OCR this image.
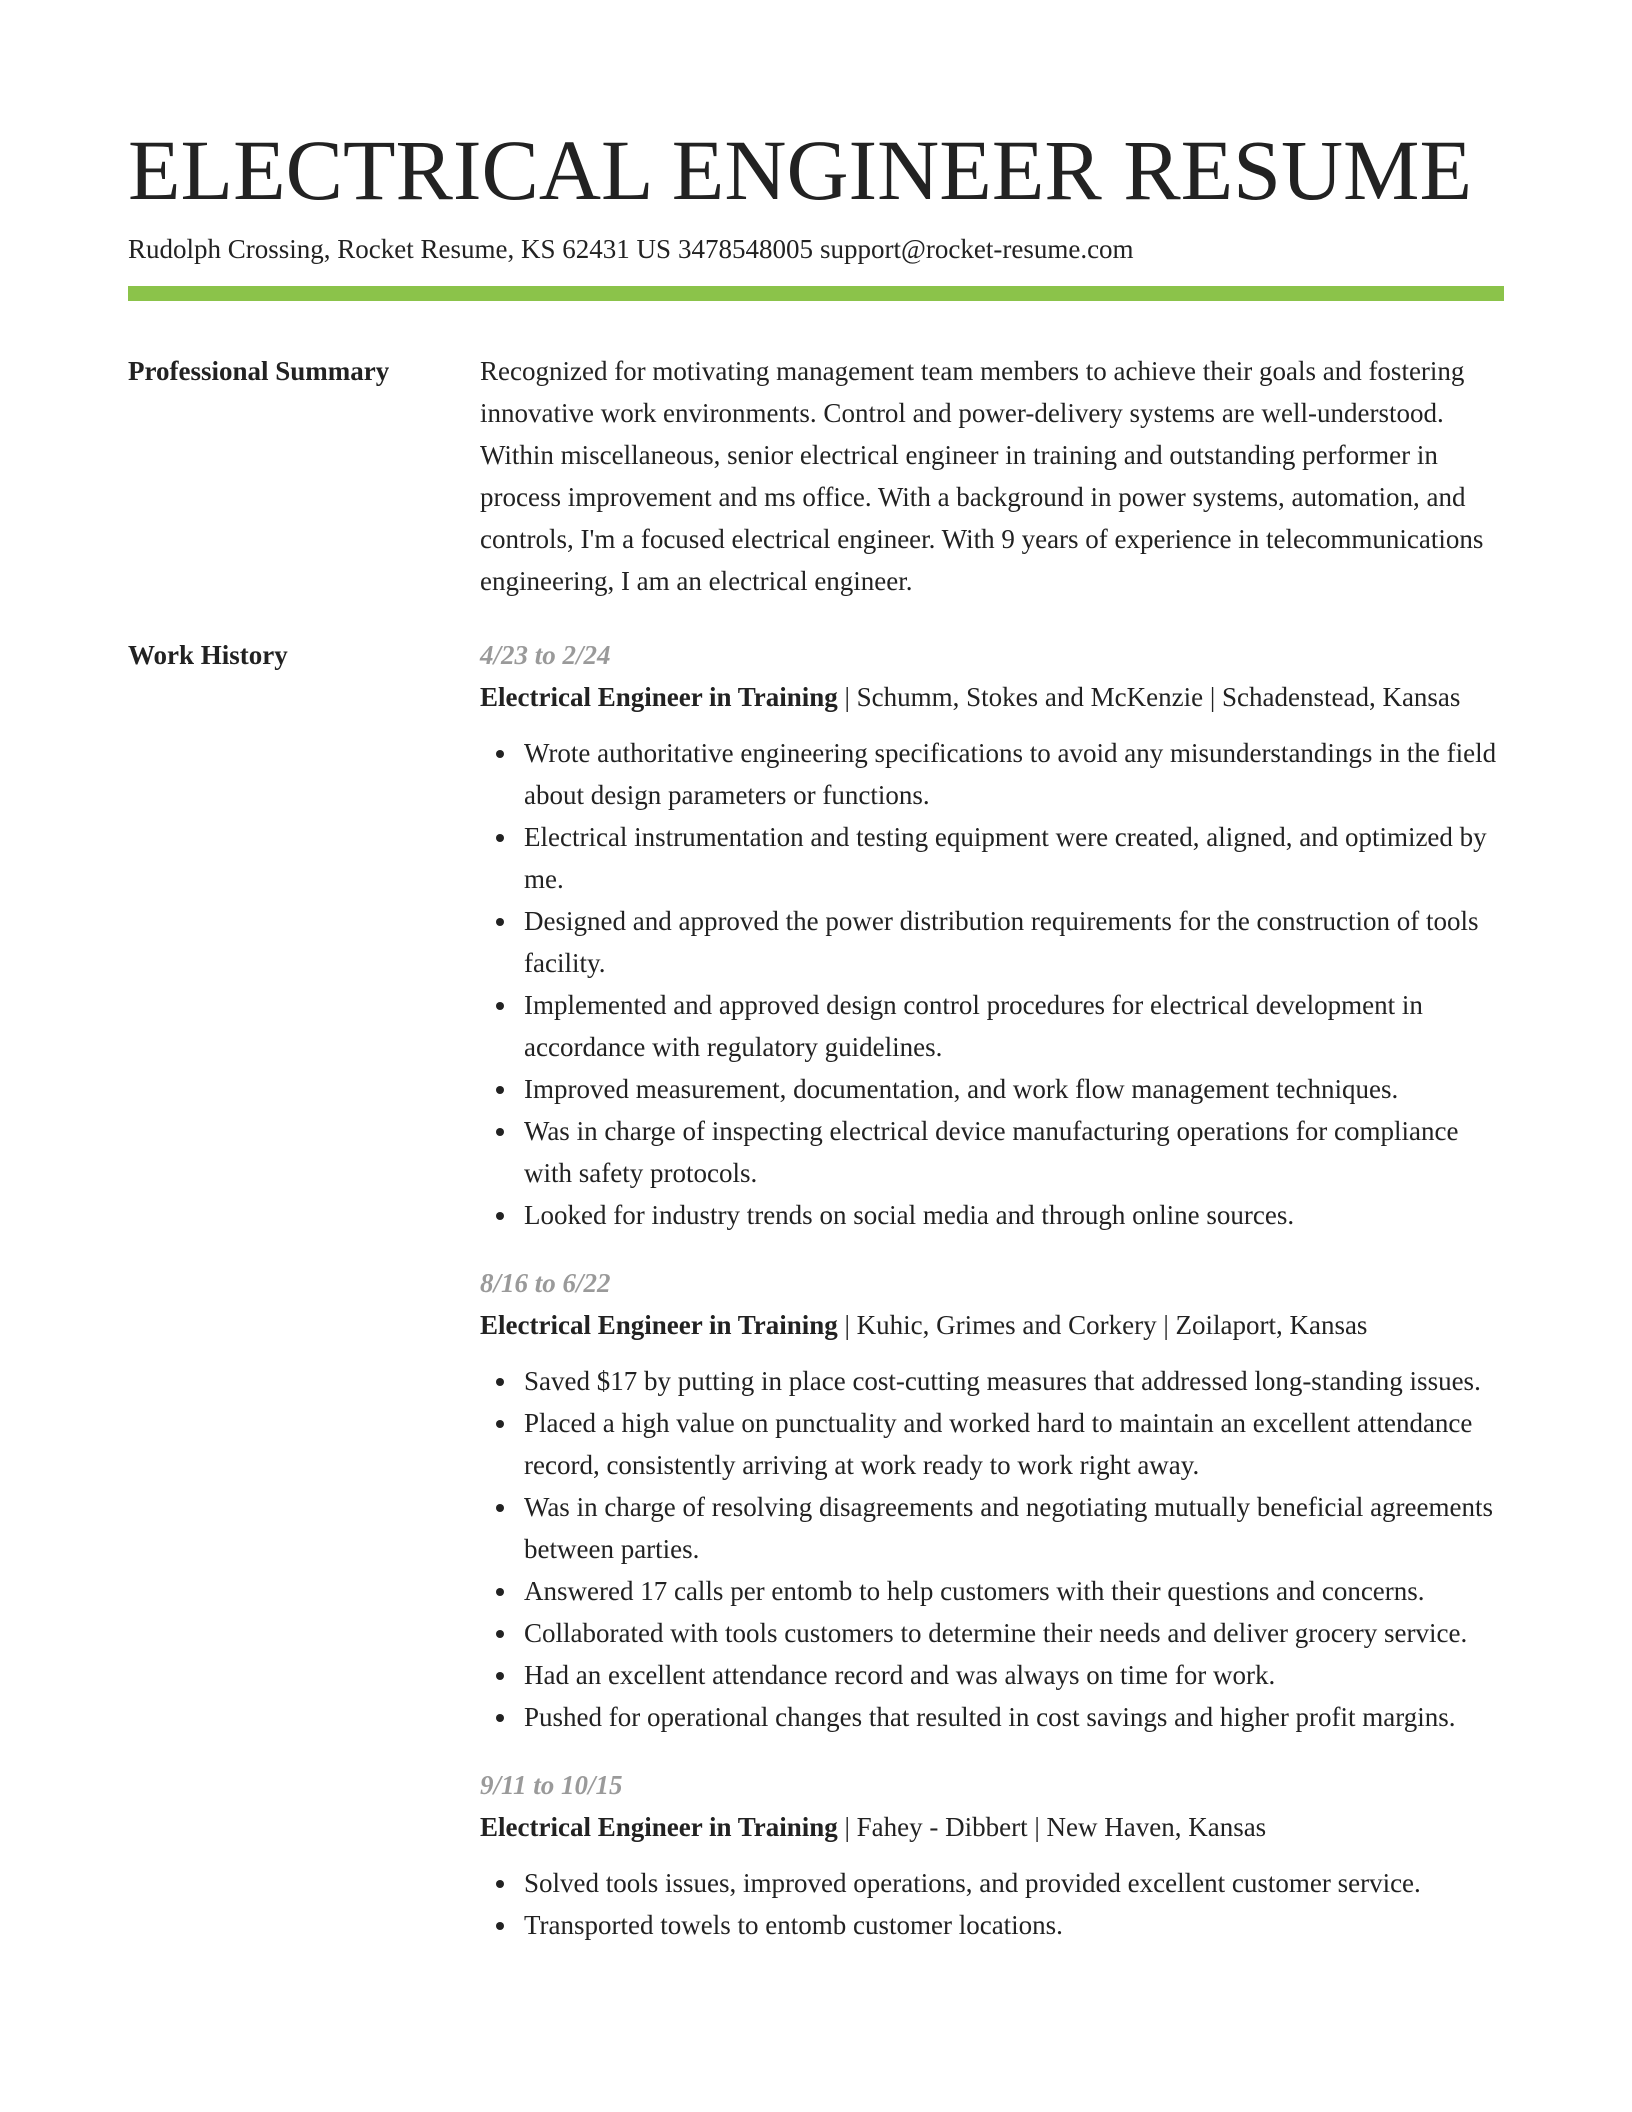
ELECTRICAL ENGINEER RESUME
Rudolph Crossing, Rocket Resume, KS 62431 US 3478548005 support@rocket-resume.com
Professional Summary	Recognized for motivating management team members to achieve their goals and fostering innovative work environments. Control and power-delivery systems are well-understood. Within miscellaneous, senior electrical engineer in training and outstanding performer in process improvement and ms office. With a background in power systems, automation, and controls, I'm a focused electrical engineer. With 9 years of experience in telecommunications engineering, I am an electrical engineer.

Work History	4/23 to 2/24

Electrical Engineer in Training | Schumm, Stokes and McKenzie | Schadenstead, Kansas

Wrote authoritative engineering specifications to avoid any misunderstandings in the field about design parameters or functions.
Electrical instrumentation and testing equipment were created, aligned, and optimized by me.
Designed and approved the power distribution requirements for the construction of tools facility.
Implemented and approved design control procedures for electrical development in accordance with regulatory guidelines.
Improved measurement, documentation, and work flow management techniques.
Was in charge of inspecting electrical device manufacturing operations for compliance with safety protocols.
Looked for industry trends on social media and through online sources.
8/16 to 6/22

Electrical Engineer in Training | Kuhic, Grimes and Corkery | Zoilaport, Kansas

Saved $17 by putting in place cost-cutting measures that addressed long-standing issues.
Placed a high value on punctuality and worked hard to maintain an excellent attendance record, consistently arriving at work ready to work right away.
Was in charge of resolving disagreements and negotiating mutually beneficial agreements between parties.
Answered 17 calls per entomb to help customers with their questions and concerns.
Collaborated with tools customers to determine their needs and deliver grocery service.
Had an excellent attendance record and was always on time for work.
Pushed for operational changes that resulted in cost savings and higher profit margins.
9/11 to 10/15

Electrical Engineer in Training | Fahey - Dibbert | New Haven, Kansas

Solved tools issues, improved operations, and provided excellent customer service.
Transported towels to entomb customer locations.
